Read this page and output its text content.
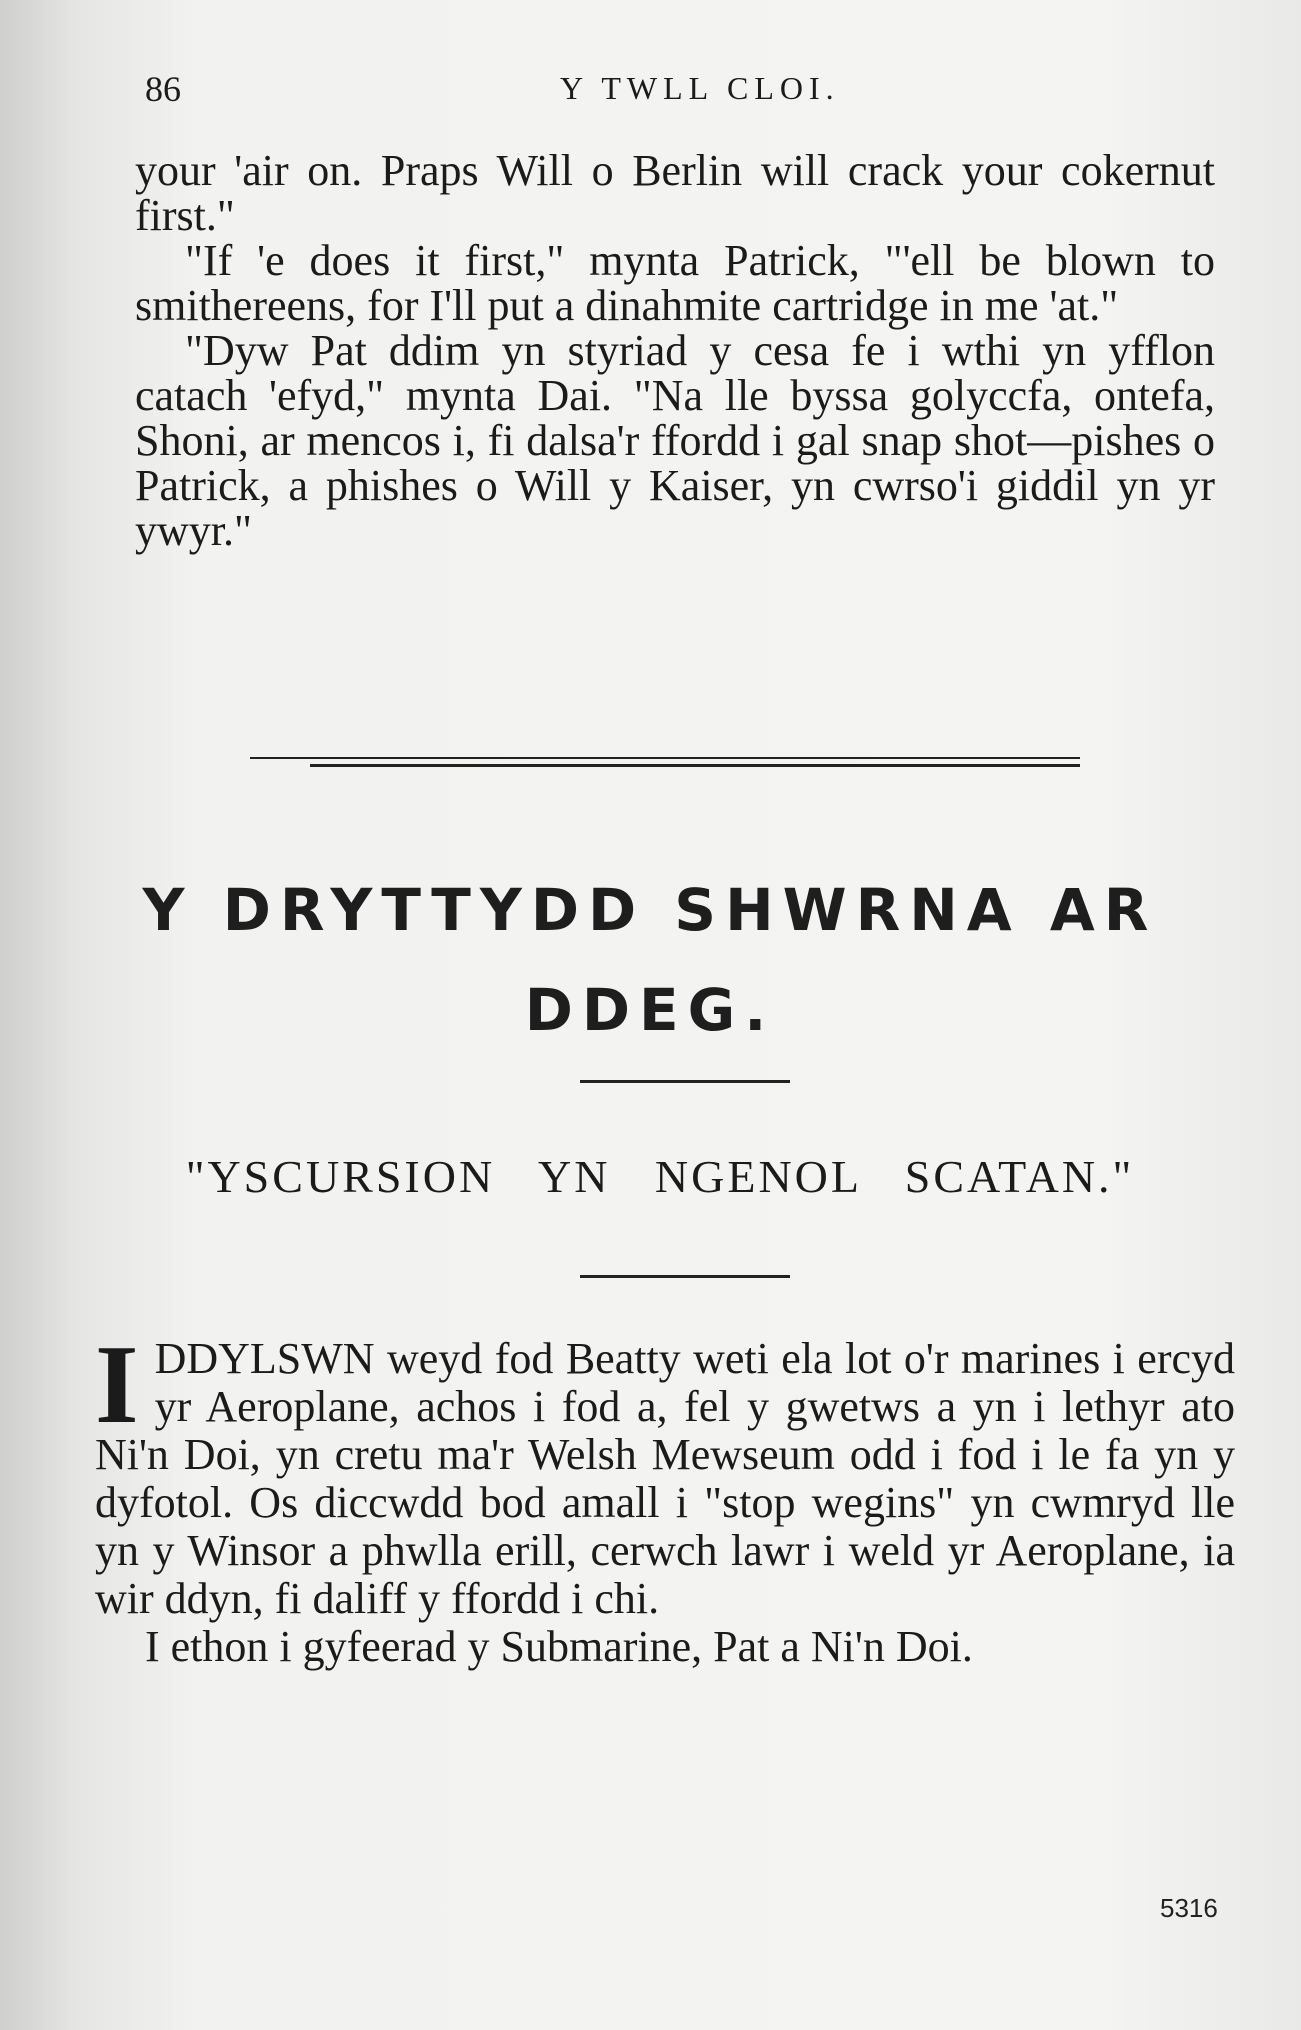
86	Y TWLL CLOI.

your 'air on. Praps Will o Berlin will crack your cokernut first."

"If 'e does it first," mynta Patrick, "'ell be blown to smithereens, for I'll put a dinahmite cartridge in me 'at."

"Dyw Pat ddim yn styriad y cesa fe i wthi yn yfflon catach 'efyd," mynta Dai. "Na lle byssa golyccfa, ontefa, Shoni, ar mencos i, fi dalsa'r ffordd i gal snap shot—pishes o Patrick, a phishes o Will y Kaiser, yn cwrso'i giddil yn yr ywyr."

Y DRYTTYDD SHWRNA AR
DDEG.
"YSCURSION YN NGENOL SCATAN."

IDDYLSWN weyd fod Beatty weti ela lot o'r marines i ercyd yr Aeroplane, achos i fod a, fel y gwetws a yn i lethyr ato Ni'n Doi, yn cretu ma'r Welsh Mewseum odd i fod i le fa yn y dyfotol. Os diccwdd bod amall i "stop wegins" yn cwmryd lle yn y Winsor a phwlla erill, cerwch lawr i weld yr Aeroplane, ia wir ddyn, fi daliff y ffordd i chi.

I ethon i gyfeerad y Submarine, Pat a Ni'n Doi.

5316
